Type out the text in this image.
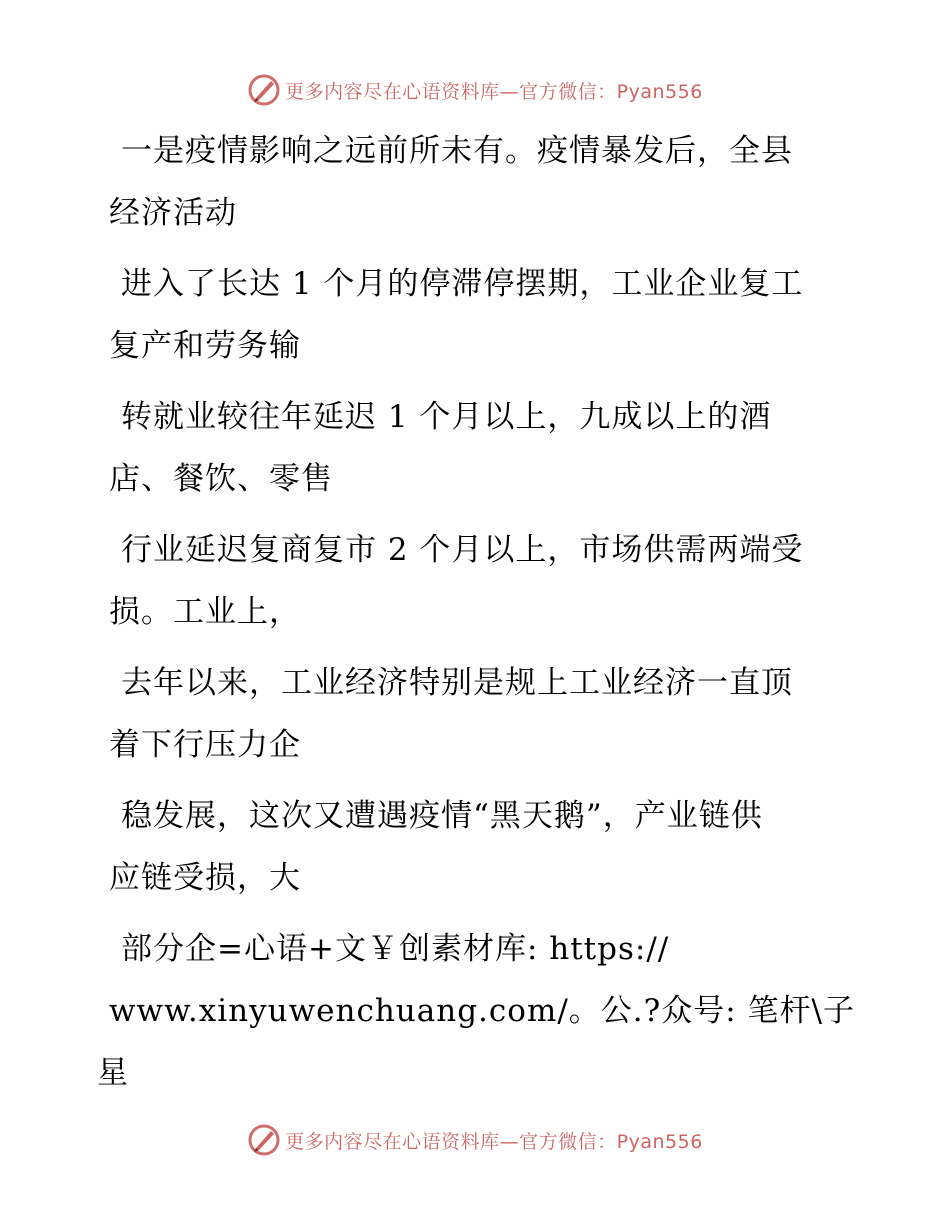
更多内容尽在心语资料库—官方微信：Pyan556

一是疫情影响之远前所未有。疫情暴发后，全县
经济活动

进入了长达 1 个月的停滞停摆期，工业企业复工
复产和劳务输

转就业较往年延迟 1 个月以上，九成以上的酒
店、餐饮、零售

行业延迟复商复市 2 个月以上，市场供需两端受
损。工业上，

去年以来，工业经济特别是规上工业经济一直顶
着下行压力企

稳发展，这次又遭遇疫情“黑天鹅”，产业链供
应链受损，大

部分企=心语+文￥创素材库: https://
www.xinyuwenchuang.com/。公.?众号: 笔杆\子星

更多内容尽在心语资料库—官方微信：Pyan556
